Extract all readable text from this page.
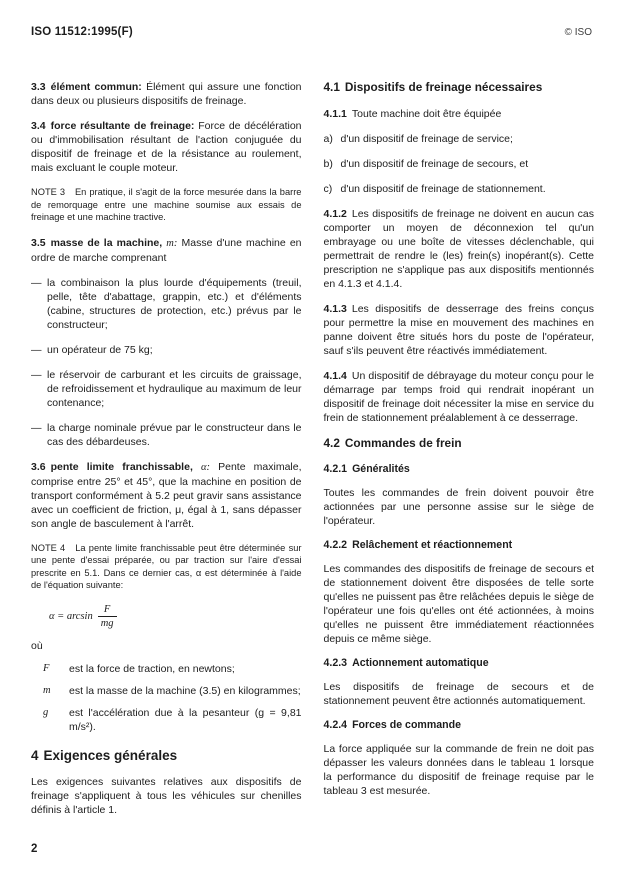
ISO 11512:1995(F)	© ISO

3.3 élément commun: Élément qui assure une fonction dans deux ou plusieurs dispositifs de freinage.

3.4 force résultante de freinage: Force de décélération ou d'immobilisation résultant de l'action conjuguée du dispositif de freinage et de la résistance au roulement, mais excluant le couple moteur.

NOTE 3 En pratique, il s'agit de la force mesurée dans la barre de remorquage entre une machine soumise aux essais de freinage et une machine tractive.

3.5 masse de la machine, m: Masse d'une machine en ordre de marche comprenant

— la combinaison la plus lourde d'équipements (treuil, pelle, tête d'abattage, grappin, etc.) et d'éléments (cabine, structures de protection, etc.) prévus par le constructeur;
— un opérateur de 75 kg;
— le réservoir de carburant et les circuits de graissage, de refroidissement et hydraulique au maximum de leur contenance;
— la charge nominale prévue par le constructeur dans le cas des débardeuses.

3.6 pente limite franchissable, α: Pente maximale, comprise entre 25° et 45°, que la machine en position de transport conformément à 5.2 peut gravir sans assistance avec un coefficient de friction, μ, égal à 1, sans dépasser son angle de basculement à l'arrêt.

NOTE 4 La pente limite franchissable peut être déterminée sur une pente d'essai préparée, ou par traction sur l'aire d'essai prescrite en 5.1. Dans ce dernier cas, α est déterminée à l'aide de l'équation suivante:

$\alpha = \arcsin \frac{F}{mg}$

où

F	est la force de traction, en newtons;
m	est la masse de la machine (3.5) en kilogrammes;
g	est l'accélération due à la pesanteur (g = 9,81 m/s²).
4 Exigences générales

Les exigences suivantes relatives aux dispositifs de freinage s'appliquent à tous les véhicules sur chenilles définis à l'article 1.

4.1 Dispositifs de freinage nécessaires

4.1.1 Toute machine doit être équipée

a) d'un dispositif de freinage de service;
b) d'un dispositif de freinage de secours, et
c) d'un dispositif de freinage de stationnement.

4.1.2 Les dispositifs de freinage ne doivent en aucun cas comporter un moyen de déconnexion tel qu'un embrayage ou une boîte de vitesses déclenchable, qui permettrait de rendre le (les) frein(s) inopérant(s). Cette prescription ne s'applique pas aux dispositifs mentionnés en 4.1.3 et 4.1.4.

4.1.3 Les dispositifs de desserrage des freins conçus pour permettre la mise en mouvement des machines en panne doivent être situés hors du poste de l'opérateur, sauf s'ils peuvent être réactivés immédiatement.

4.1.4 Un dispositif de débrayage du moteur conçu pour le démarrage par temps froid qui rendrait inopérant un dispositif de freinage doit nécessiter la mise en service du frein de stationnement préalablement à ce desserrage.

4.2 Commandes de frein
4.2.1 Généralités

Toutes les commandes de frein doivent pouvoir être actionnées par une personne assise sur le siège de l'opérateur.

4.2.2 Relâchement et réactionnement

Les commandes des dispositifs de freinage de secours et de stationnement doivent être disposées de telle sorte qu'elles ne puissent pas être relâchées depuis le siège de l'opérateur une fois qu'elles ont été actionnées, à moins qu'elles ne puissent être immédiatement réactionnées depuis ce même siège.

4.2.3 Actionnement automatique

Les dispositifs de freinage de secours et de stationnement peuvent être actionnés automatiquement.

4.2.4 Forces de commande

La force appliquée sur la commande de frein ne doit pas dépasser les valeurs données dans le tableau 1 lorsque la performance du dispositif de freinage requise par le tableau 3 est mesurée.

2
